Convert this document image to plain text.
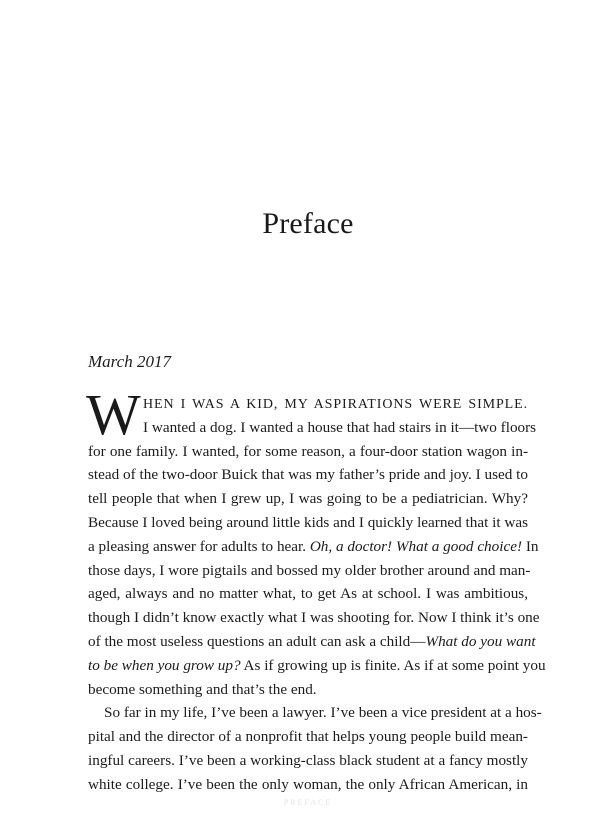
Preface

March 2017

W HEN I WAS A KID, MY ASPIRATIONS WERE SIMPLE.
I wanted a dog. I wanted a house that had stairs in it—two floors
for one family. I wanted, for some reason, a four-door station wagon in-
stead of the two-door Buick that was my father’s pride and joy. I used to
tell people that when I grew up, I was going to be a pediatrician. Why?
Because I loved being around little kids and I quickly learned that it was
a pleasing answer for adults to hear. Oh, a doctor! What a good choice! In
those days, I wore pigtails and bossed my older brother around and man-
aged, always and no matter what, to get As at school. I was ambitious,
though I didn’t know exactly what I was shooting for. Now I think it’s one
of the most useless questions an adult can ask a child—What do you want
to be when you grow up? As if growing up is finite. As if at some point you
become something and that’s the end.
So far in my life, I’ve been a lawyer. I’ve been a vice president at a hos-
pital and the director of a nonprofit that helps young people build mean-
ingful careers. I’ve been a working-class black student at a fancy mostly
white college. I’ve been the only woman, the only African American, in
PREFACE
